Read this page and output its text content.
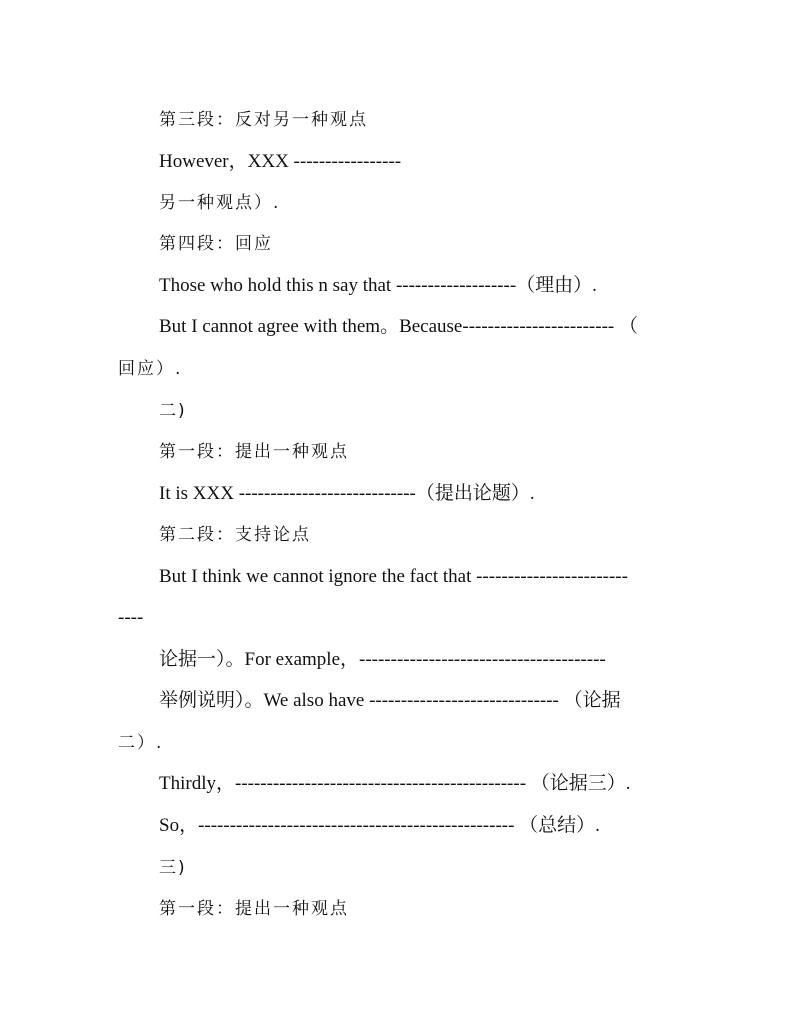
第三段：反对另一种观点
However，XXX -----------------
另一种观点）.
第四段：回应
Those who hold this n say that -------------------（理由）.
But I cannot agree with them。Because------------------------ （
回应）.
二)
第一段：提出一种观点
It is XXX ----------------------------（提出论题）.
第二段：支持论点
But I think we cannot ignore the fact that ------------------------
----
论据一）。For example，---------------------------------------
举例说明）。We also have ------------------------------ （论据
二）.
Thirdly，---------------------------------------------- （论据三）.
So，-------------------------------------------------- （总结）.
三)
第一段：提出一种观点
